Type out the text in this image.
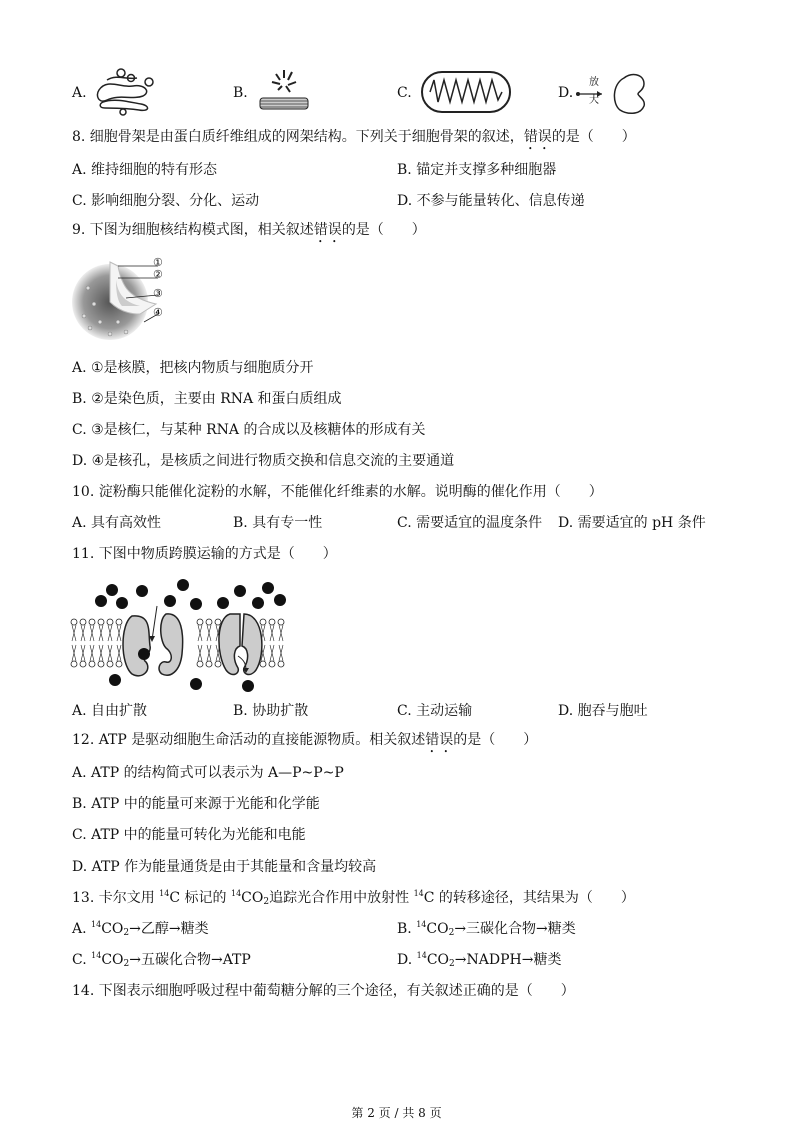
A.	B.	C.	D.
放
大
8. 细胞骨架是由蛋白质纤维组成的网架结构。下列关于细胞骨架的叙述，错误的是（　　）
A. 维持细胞的特有形态	B. 锚定并支撑多种细胞器
C. 影响细胞分裂、分化、运动	D. 不参与能量转化、信息传递
9. 下图为细胞核结构模式图，相关叙述错误的是（　　）
①
②
③
④
A. ①是核膜，把核内物质与细胞质分开
B. ②是染色质，主要由 RNA 和蛋白质组成
C. ③是核仁，与某种 RNA 的合成以及核糖体的形成有关
D. ④是核孔，是核质之间进行物质交换和信息交流的主要通道
10. 淀粉酶只能催化淀粉的水解，不能催化纤维素的水解。说明酶的催化作用（　　）
A. 具有高效性	B. 具有专一性	C. 需要适宜的温度条件 D. 需要适宜的 pH 条件
11. 下图中物质跨膜运输的方式是（　　）
A. 自由扩散	B. 协助扩散	C. 主动运输	D. 胞吞与胞吐
12. ATP 是驱动细胞生命活动的直接能源物质。相关叙述错误的是（　　）
A. ATP 的结构简式可以表示为 A—P~P~P
B. ATP 中的能量可来源于光能和化学能
C. ATP 中的能量可转化为光能和电能
D. ATP 作为能量通货是由于其能量和含量均较高
13. 卡尔文用 $^{14}$C 标记的 $^{14}CO_2$追踪光合作用中放射性 $^{14}$C 的转移途径，其结果为（　　）
A. $^{14}CO_2\to$乙醇→糖类	B. $^{14}CO_2\to$三碳化合物→糖类
C. $^{14}CO_2\to$五碳化合物→ATP	D. $^{14}CO_2\to NADPH\to$糖类
14. 下图表示细胞呼吸过程中葡萄糖分解的三个途径，有关叙述正确的是（　　）
第 2 页 / 共 8 页
